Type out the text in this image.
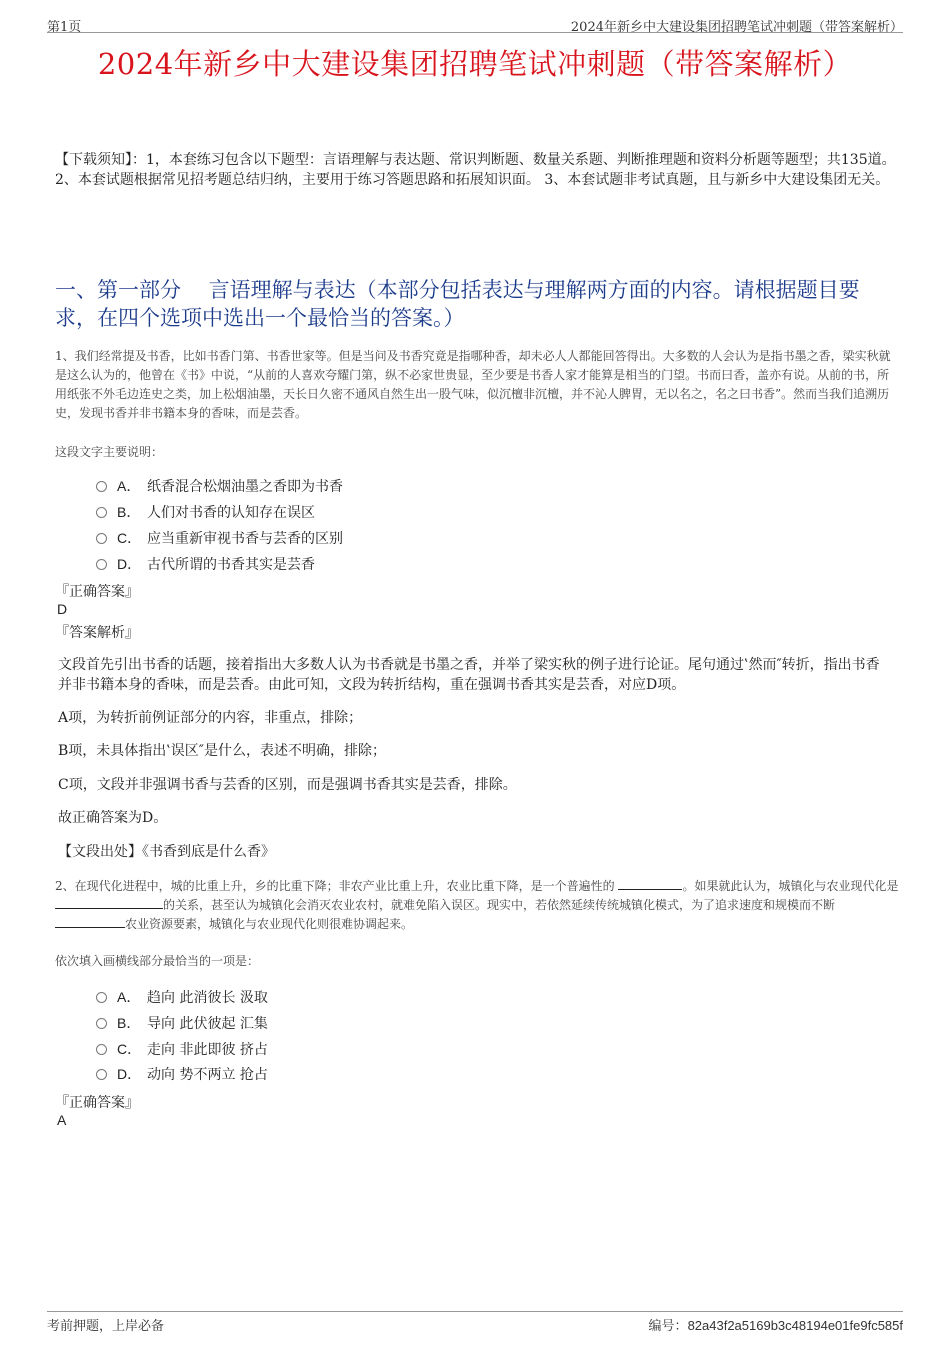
第1页	2024年新乡中大建设集团招聘笔试冲刺题（带答案解析）
2024年新乡中大建设集团招聘笔试冲刺题（带答案解析）
【下载须知】：1，本套练习包含以下题型：言语理解与表达题、常识判断题、数量关系题、判断推理题和资料分析题等题型；共135道。 2、本套试题根据常见招考题总结归纳，主要用于练习答题思路和拓展知识面。 3、本套试题非考试真题，且与新乡中大建设集团无关。
一、第一部分　 言语理解与表达（本部分包括表达与理解两方面的内容。请根据题目要求，在四个选项中选出一个最恰当的答案。）
1、我们经常提及书香，比如书香门第、书香世家等。但是当问及书香究竟是指哪种香，却未必人人都能回答得出。大多数的人会认为是指书墨之香，梁实秋就是这么认为的，他曾在《书》中说，“从前的人喜欢夸耀门第，纵不必家世贵显，至少要是书香人家才能算是相当的门望。书而曰香，盖亦有说。从前的书，所用纸张不外毛边连史之类，加上松烟油墨，天长日久密不通风自然生出一股气味，似沉檀非沉檀，并不沁人脾胃，无以名之，名之曰书香”。然而当我们追溯历史，发现书香并非书籍本身的香味，而是芸香。
这段文字主要说明：
A． 纸香混合松烟油墨之香即为书香
B． 人们对书香的认知存在误区
C． 应当重新审视书香与芸香的区别
D． 古代所谓的书香其实是芸香
『正确答案』
D
『答案解析』
文段首先引出书香的话题，接着指出大多数人认为书香就是书墨之香，并举了梁实秋的例子进行论证。尾句通过‛然而″转折，指出书香并非书籍本身的香味，而是芸香。由此可知，文段为转折结构，重在强调书香其实是芸香，对应D项。
A项，为转折前例证部分的内容，非重点，排除；
B项，未具体指出‛误区″是什么，表述不明确，排除；
C项，文段并非强调书香与芸香的区别，而是强调书香其实是芸香，排除。
故正确答案为D。
【文段出处】《书香到底是什么香》
2、在现代化进程中，城的比重上升，乡的比重下降；非农产业比重上升，农业比重下降，是一个普遍性的	。如果就此认为，城镇化与农业现代化是 的关系，甚至认为城镇化会消灭农业农村，就难免陷入误区。现实中，若依然延续传统城镇化模式，为了追求速度和规模而不断 农业资源要素，城镇化与农业现代化则很难协调起来。
依次填入画横线部分最恰当的一项是：
A． 趋向 此消彼长 汲取
B． 导向 此伏彼起 汇集
C． 走向 非此即彼 挤占
D． 动向 势不两立 抢占
『正确答案』
A
考前押题，上岸必备	编号：82a43f2a5169b3c48194e01fe9fc585f
